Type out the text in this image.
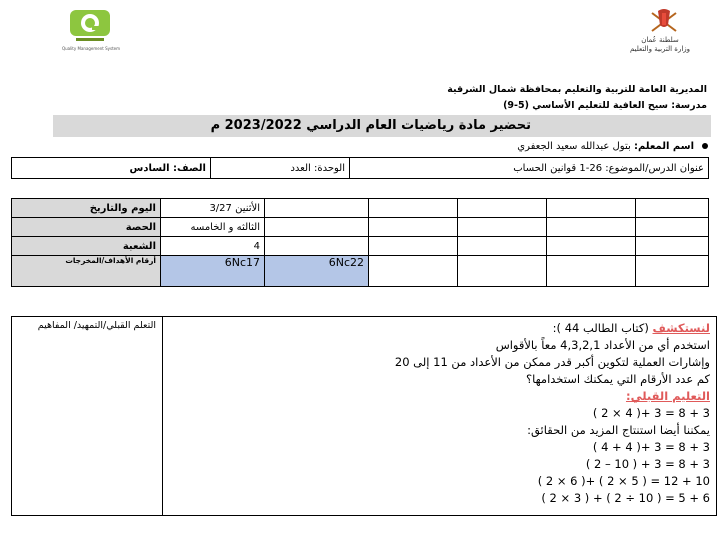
Quality Management System
سلطنة عُمان
وزارة التربية والتعليم
المديرية العامة للتربية والتعليم بمحافظة شمال الشرقية
مدرسة: سيح العافية للتعليم الأساسي (5-9)
تحضير مادة رياضيات العام الدراسي 2023/2022 م
اسم المعلم: بتول عبدالله سعيد الجعفري
الصف: السادس	الوحدة: العدد	عنوان الدرس/الموضوع: 26-1 قوانين الحساب
اليوم والتاريخ	الأثنين 3/27					
الحصة	الثالثه و الخامسه					
الشعبة	4					
أرقام الأهداف/المخرجات	6Nc17	6Nc22				
التعلم القبلي/التمهيد/ المفاهيم	لنستكشف (كتاب الطالب 44 ):
استخدم أي من الأعداد 4,3,2,1 معاً بالأقواس
وإشارات العملية لتكوين أكبر قدر ممكن من الأعداد من 11 إلى 20
كم عدد الأرقام التي يمكنك استخدامها؟
التعليم القبلي:
3 + 8 = 3 +( 4 × 2 )
يمكننا أيضا استنتاج المزيد من الحقائق:
3 + 8 = 3 +( 4 + 4 )
3 + 8 = 3 + ( 10 – 2 )
10 + 12 = ( 5 × 2 ) +( 6 × 2 )
6 + 5 = ( 10 ÷ 2 ) + ( 3 × 2 )
